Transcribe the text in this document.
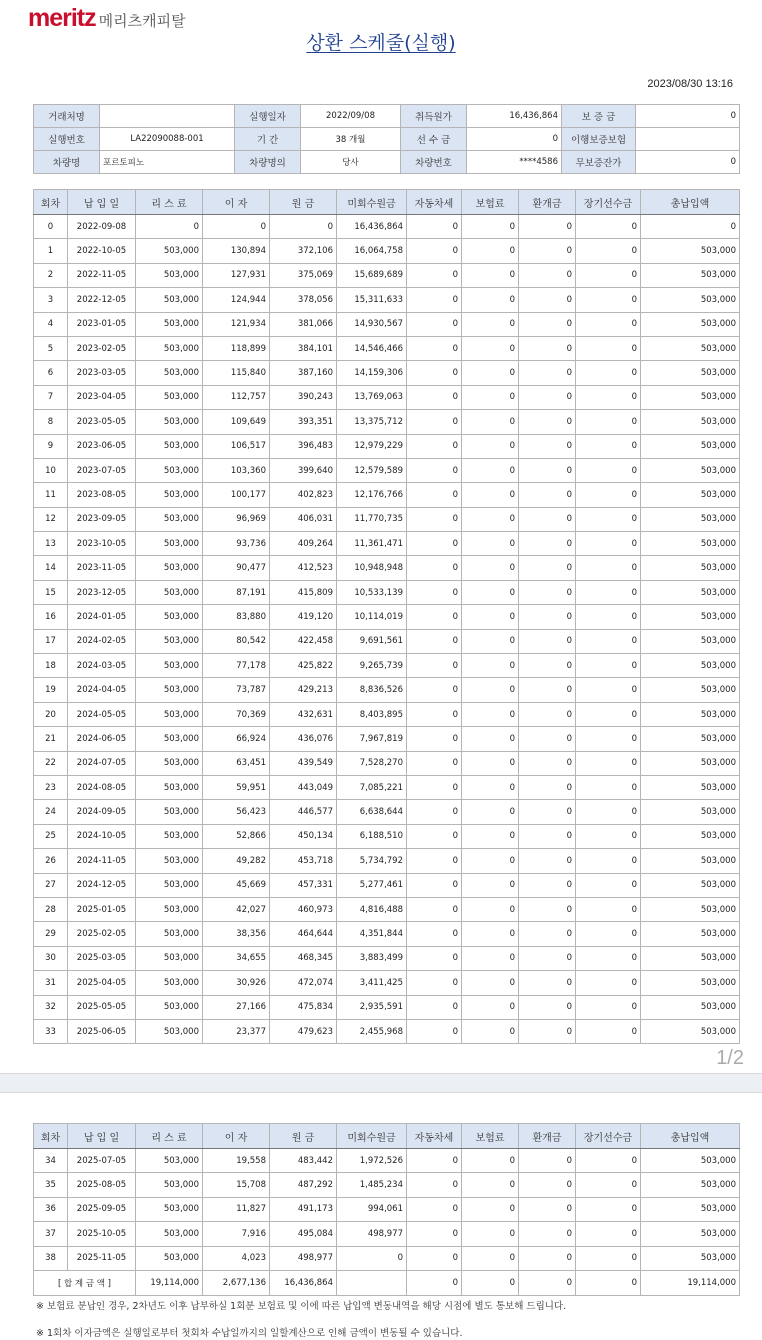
meritz 메리츠캐피탈
상환 스케줄(실행)
2023/08/30 13:16
거래처명		실행일자	2022/09/08	취득원가	16,436,864	보 증 금	0
실행번호	LA22090088-001	기 간	38 개월	선 수 금	0	이행보증보험	
차량명	포르토피노	차량명의	당사	차량번호	****4586	무보증잔가	0
회차	납 입 일	리 스 료	이 자	원 금	미회수원금	자동차세	보험료	환개금	장기선수금	총납입액
0	2022-09-08	0	0	0	16,436,864	0	0	0	0	0
1	2022-10-05	503,000	130,894	372,106	16,064,758	0	0	0	0	503,000
2	2022-11-05	503,000	127,931	375,069	15,689,689	0	0	0	0	503,000
3	2022-12-05	503,000	124,944	378,056	15,311,633	0	0	0	0	503,000
4	2023-01-05	503,000	121,934	381,066	14,930,567	0	0	0	0	503,000
5	2023-02-05	503,000	118,899	384,101	14,546,466	0	0	0	0	503,000
6	2023-03-05	503,000	115,840	387,160	14,159,306	0	0	0	0	503,000
7	2023-04-05	503,000	112,757	390,243	13,769,063	0	0	0	0	503,000
8	2023-05-05	503,000	109,649	393,351	13,375,712	0	0	0	0	503,000
9	2023-06-05	503,000	106,517	396,483	12,979,229	0	0	0	0	503,000
10	2023-07-05	503,000	103,360	399,640	12,579,589	0	0	0	0	503,000
11	2023-08-05	503,000	100,177	402,823	12,176,766	0	0	0	0	503,000
12	2023-09-05	503,000	96,969	406,031	11,770,735	0	0	0	0	503,000
13	2023-10-05	503,000	93,736	409,264	11,361,471	0	0	0	0	503,000
14	2023-11-05	503,000	90,477	412,523	10,948,948	0	0	0	0	503,000
15	2023-12-05	503,000	87,191	415,809	10,533,139	0	0	0	0	503,000
16	2024-01-05	503,000	83,880	419,120	10,114,019	0	0	0	0	503,000
17	2024-02-05	503,000	80,542	422,458	9,691,561	0	0	0	0	503,000
18	2024-03-05	503,000	77,178	425,822	9,265,739	0	0	0	0	503,000
19	2024-04-05	503,000	73,787	429,213	8,836,526	0	0	0	0	503,000
20	2024-05-05	503,000	70,369	432,631	8,403,895	0	0	0	0	503,000
21	2024-06-05	503,000	66,924	436,076	7,967,819	0	0	0	0	503,000
22	2024-07-05	503,000	63,451	439,549	7,528,270	0	0	0	0	503,000
23	2024-08-05	503,000	59,951	443,049	7,085,221	0	0	0	0	503,000
24	2024-09-05	503,000	56,423	446,577	6,638,644	0	0	0	0	503,000
25	2024-10-05	503,000	52,866	450,134	6,188,510	0	0	0	0	503,000
26	2024-11-05	503,000	49,282	453,718	5,734,792	0	0	0	0	503,000
27	2024-12-05	503,000	45,669	457,331	5,277,461	0	0	0	0	503,000
28	2025-01-05	503,000	42,027	460,973	4,816,488	0	0	0	0	503,000
29	2025-02-05	503,000	38,356	464,644	4,351,844	0	0	0	0	503,000
30	2025-03-05	503,000	34,655	468,345	3,883,499	0	0	0	0	503,000
31	2025-04-05	503,000	30,926	472,074	3,411,425	0	0	0	0	503,000
32	2025-05-05	503,000	27,166	475,834	2,935,591	0	0	0	0	503,000
33	2025-06-05	503,000	23,377	479,623	2,455,968	0	0	0	0	503,000
1/2
회차	납 입 일	리 스 료	이 자	원 금	미회수원금	자동차세	보험료	환개금	장기선수금	총납입액
34	2025-07-05	503,000	19,558	483,442	1,972,526	0	0	0	0	503,000
35	2025-08-05	503,000	15,708	487,292	1,485,234	0	0	0	0	503,000
36	2025-09-05	503,000	11,827	491,173	994,061	0	0	0	0	503,000
37	2025-10-05	503,000	7,916	495,084	498,977	0	0	0	0	503,000
38	2025-11-05	503,000	4,023	498,977	0	0	0	0	0	503,000
[ 합 계 금 액 ]		19,114,000	2,677,136	16,436,864		0	0	0	0	19,114,000
※ 보험료 분납인 경우, 2차년도 이후 납부하실 1회분 보험료 및 이에 따른 납입액 변동내역을 해당 시점에 별도 통보해 드립니다.
※ 1회차 이자금액은 실행일로부터 첫회차 수납일까지의 일할계산으로 인해 금액이 변동될 수 있습니다.
